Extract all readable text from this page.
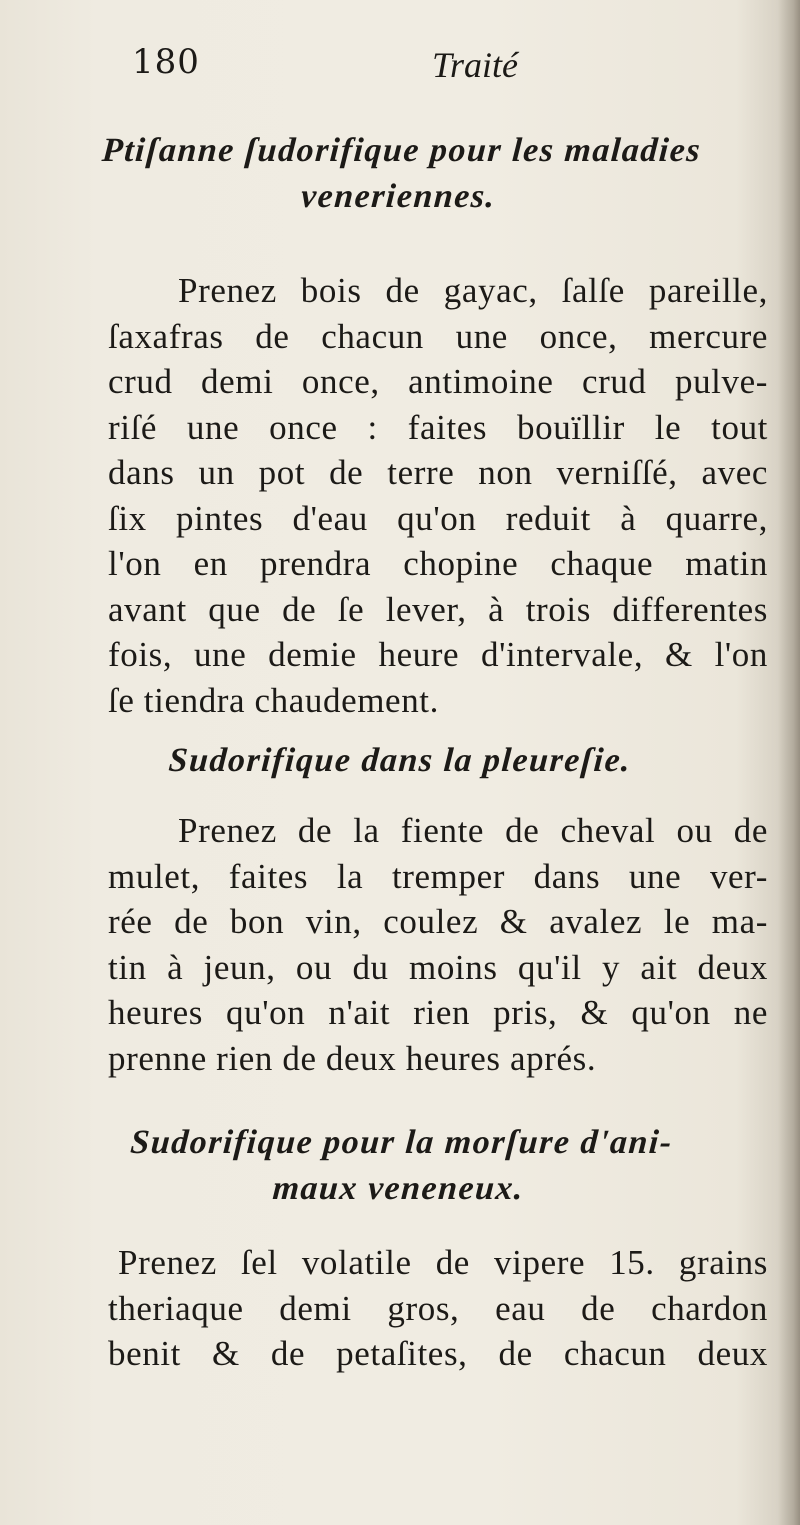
180	Traité
Ptiſanne ſudorifique pour les maladies
veneriennes.
Prenez bois de gayac, ſalſe pareille,
ſaxafras de chacun une once, mercure
crud demi once, antimoine crud pulve-
riſé une once : faites bouïllir le tout
dans un pot de terre non verniſſé, avec
ſix pintes d'eau qu'on reduit à quarre,
l'on en prendra chopine chaque matin
avant que de ſe lever, à trois differentes
fois, une demie heure d'intervale, & l'on
ſe tiendra chaudement.
Sudorifique dans la pleureſie.
Prenez de la fiente de cheval ou de
mulet, faites la tremper dans une ver-
rée de bon vin, coulez & avalez le ma-
tin à jeun, ou du moins qu'il y ait deux
heures qu'on n'ait rien pris, & qu'on ne
prenne rien de deux heures aprés.
Sudorifique pour la morſure d'ani-
maux veneneux.
Prenez ſel volatile de vipere 15. grains
theriaque demi gros, eau de chardon
benit & de petaſites, de chacun deux
